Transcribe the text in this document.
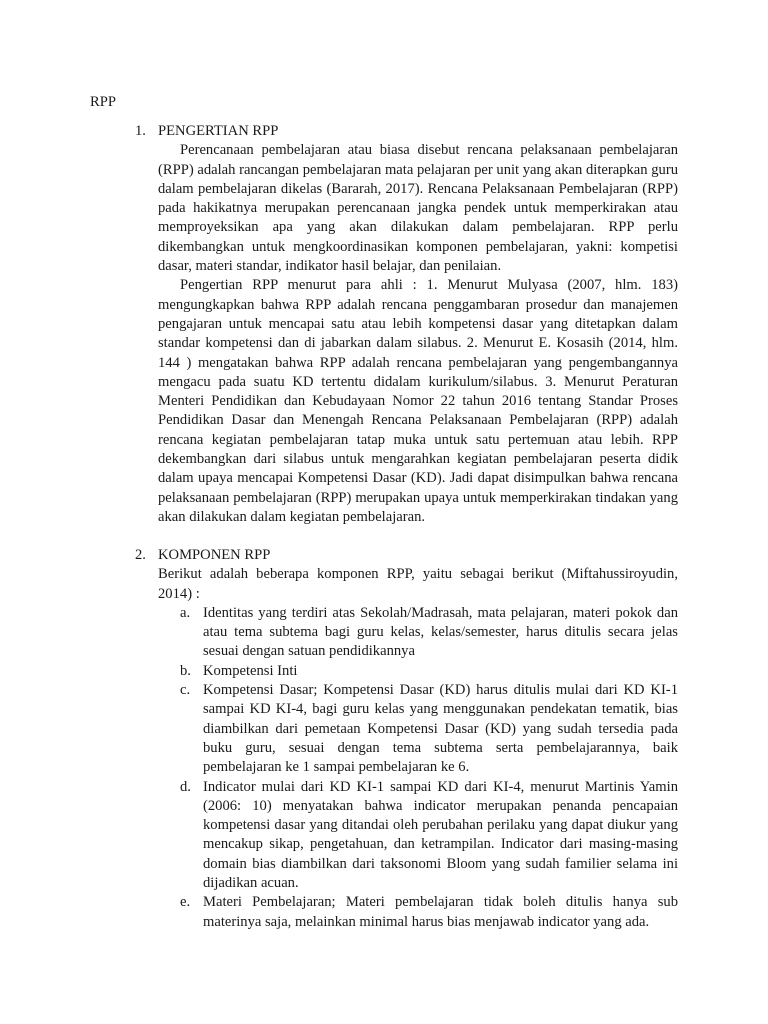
RPP
1. PENGERTIAN RPP

Perencanaan pembelajaran atau biasa disebut rencana pelaksanaan pembelajaran (RPP) adalah rancangan pembelajaran mata pelajaran per unit yang akan diterapkan guru dalam pembelajaran dikelas (Bararah, 2017). Rencana Pelaksanaan Pembelajaran (RPP) pada hakikatnya merupakan perencanaan jangka pendek untuk memperkirakan atau memproyeksikan apa yang akan dilakukan dalam pembelajaran. RPP perlu dikembangkan untuk mengkoordinasikan komponen pembelajaran, yakni: kompetisi dasar, materi standar, indikator hasil belajar, dan penilaian.

Pengertian RPP menurut para ahli : 1. Menurut Mulyasa (2007, hlm. 183) mengungkapkan bahwa RPP adalah rencana penggambaran prosedur dan manajemen pengajaran untuk mencapai satu atau lebih kompetensi dasar yang ditetapkan dalam standar kompetensi dan di jabarkan dalam silabus. 2. Menurut E. Kosasih (2014, hlm. 144 ) mengatakan bahwa RPP adalah rencana pembelajaran yang pengembangannya mengacu pada suatu KD tertentu didalam kurikulum/silabus. 3. Menurut Peraturan Menteri Pendidikan dan Kebudayaan Nomor 22 tahun 2016 tentang Standar Proses Pendidikan Dasar dan Menengah Rencana Pelaksanaan Pembelajaran (RPP) adalah rencana kegiatan pembelajaran tatap muka untuk satu pertemuan atau lebih. RPP dekembangkan dari silabus untuk mengarahkan kegiatan pembelajaran peserta didik dalam upaya mencapai Kompetensi Dasar (KD). Jadi dapat disimpulkan bahwa rencana pelaksanaan pembelajaran (RPP) merupakan upaya untuk memperkirakan tindakan yang akan dilakukan dalam kegiatan pembelajaran.

2. KOMPONEN RPP

Berikut adalah beberapa komponen RPP, yaitu sebagai berikut (Miftahussiroyudin, 2014) :

a. Identitas yang terdiri atas Sekolah/Madrasah, mata pelajaran, materi pokok dan atau tema subtema bagi guru kelas, kelas/semester, harus ditulis secara jelas sesuai dengan satuan pendidikannya
b. Kompetensi Inti
c. Kompetensi Dasar; Kompetensi Dasar (KD) harus ditulis mulai dari KD KI-1 sampai KD KI-4, bagi guru kelas yang menggunakan pendekatan tematik, bias diambilkan dari pemetaan Kompetensi Dasar (KD) yang sudah tersedia pada buku guru, sesuai dengan tema subtema serta pembelajarannya, baik pembelajaran ke 1 sampai pembelajaran ke 6.
d. Indicator mulai dari KD KI-1 sampai KD dari KI-4, menurut Martinis Yamin (2006: 10) menyatakan bahwa indicator merupakan penanda pencapaian kompetensi dasar yang ditandai oleh perubahan perilaku yang dapat diukur yang mencakup sikap, pengetahuan, dan ketrampilan. Indicator dari masing-masing domain bias diambilkan dari taksonomi Bloom yang sudah familier selama ini dijadikan acuan.
e. Materi Pembelajaran; Materi pembelajaran tidak boleh ditulis hanya sub materinya saja, melainkan minimal harus bias menjawab indicator yang ada.
